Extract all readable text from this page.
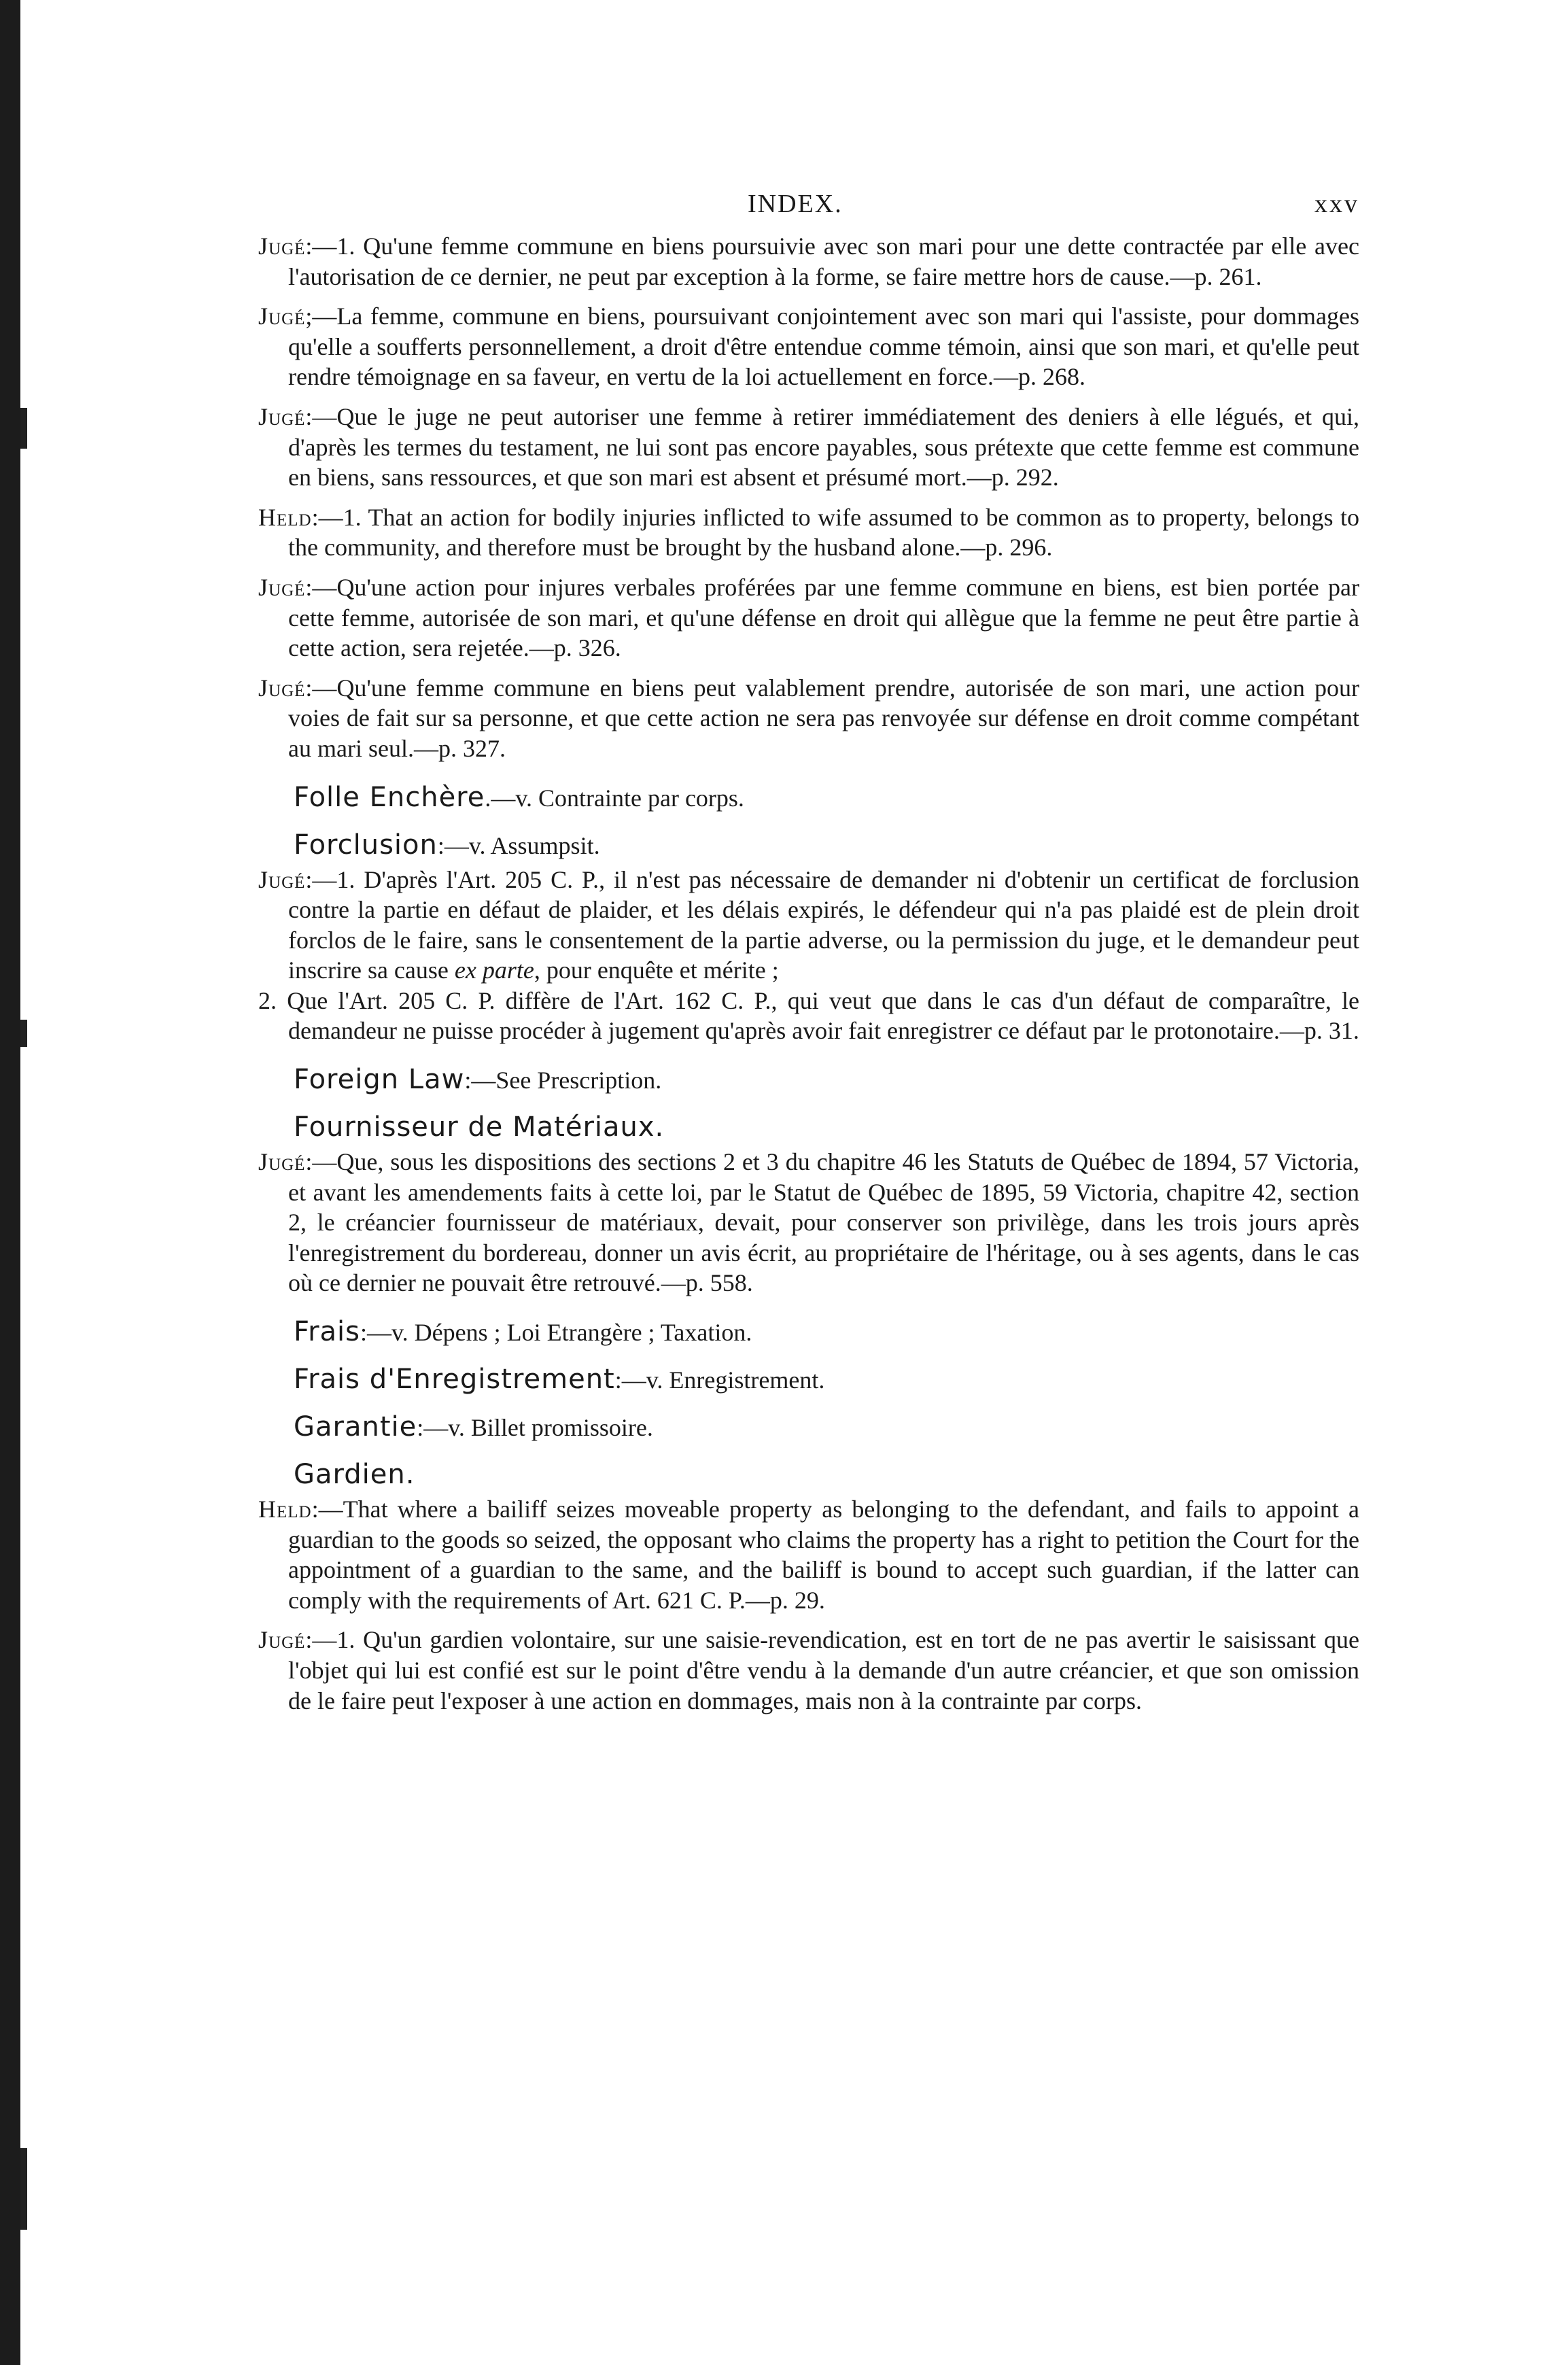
INDEX.	xxv

Jugé:—1. Qu'une femme commune en biens poursuivie avec son mari pour une dette contractée par elle avec l'autorisation de ce dernier, ne peut par exception à la forme, se faire mettre hors de cause.—p. 261.

Jugé;—La femme, commune en biens, poursuivant conjointement avec son mari qui l'assiste, pour dommages qu'elle a soufferts personnellement, a droit d'être entendue comme témoin, ainsi que son mari, et qu'elle peut rendre témoignage en sa faveur, en vertu de la loi actuellement en force.—p. 268.

Jugé:—Que le juge ne peut autoriser une femme à retirer immédiatement des deniers à elle légués, et qui, d'après les termes du testament, ne lui sont pas encore payables, sous prétexte que cette femme est commune en biens, sans ressources, et que son mari est absent et présumé mort.—p. 292.

Held:—1. That an action for bodily injuries inflicted to wife assumed to be common as to property, belongs to the community, and therefore must be brought by the husband alone.—p. 296.

Jugé:—Qu'une action pour injures verbales proférées par une femme commune en biens, est bien portée par cette femme, autorisée de son mari, et qu'une défense en droit qui allègue que la femme ne peut être partie à cette action, sera rejetée.—p. 326.

Jugé:—Qu'une femme commune en biens peut valablement prendre, autorisée de son mari, une action pour voies de fait sur sa personne, et que cette action ne sera pas renvoyée sur défense en droit comme compétant au mari seul.—p. 327.

Folle Enchère.—v. Contrainte par corps.

Forclusion:—v. Assumpsit.

Jugé:—1. D'après l'Art. 205 C. P., il n'est pas nécessaire de demander ni d'obtenir un certificat de forclusion contre la partie en défaut de plaider, et les délais expirés, le défendeur qui n'a pas plaidé est de plein droit forclos de le faire, sans le consentement de la partie adverse, ou la permission du juge, et le demandeur peut inscrire sa cause ex parte, pour enquête et mérite ;

2. Que l'Art. 205 C. P. diffère de l'Art. 162 C. P., qui veut que dans le cas d'un défaut de comparaître, le demandeur ne puisse procéder à jugement qu'après avoir fait enregistrer ce défaut par le protonotaire.—p. 31.

Foreign Law:—See Prescription.

Fournisseur de Matériaux.

Jugé:—Que, sous les dispositions des sections 2 et 3 du chapitre 46 les Statuts de Québec de 1894, 57 Victoria, et avant les amendements faits à cette loi, par le Statut de Québec de 1895, 59 Victoria, chapitre 42, section 2, le créancier fournisseur de matériaux, devait, pour conserver son privilège, dans les trois jours après l'enregistrement du bordereau, donner un avis écrit, au propriétaire de l'héritage, ou à ses agents, dans le cas où ce dernier ne pouvait être retrouvé.—p. 558.

Frais:—v. Dépens ; Loi Etrangère ; Taxation.

Frais d'Enregistrement:—v. Enregistrement.

Garantie:—v. Billet promissoire.

Gardien.

Held:—That where a bailiff seizes moveable property as belonging to the defendant, and fails to appoint a guardian to the goods so seized, the opposant who claims the property has a right to petition the Court for the appointment of a guardian to the same, and the bailiff is bound to accept such guardian, if the latter can comply with the requirements of Art. 621 C. P.—p. 29.

Jugé:—1. Qu'un gardien volontaire, sur une saisie-revendication, est en tort de ne pas avertir le saisissant que l'objet qui lui est confié est sur le point d'être vendu à la demande d'un autre créancier, et que son omission de le faire peut l'exposer à une action en dommages, mais non à la contrainte par corps.
